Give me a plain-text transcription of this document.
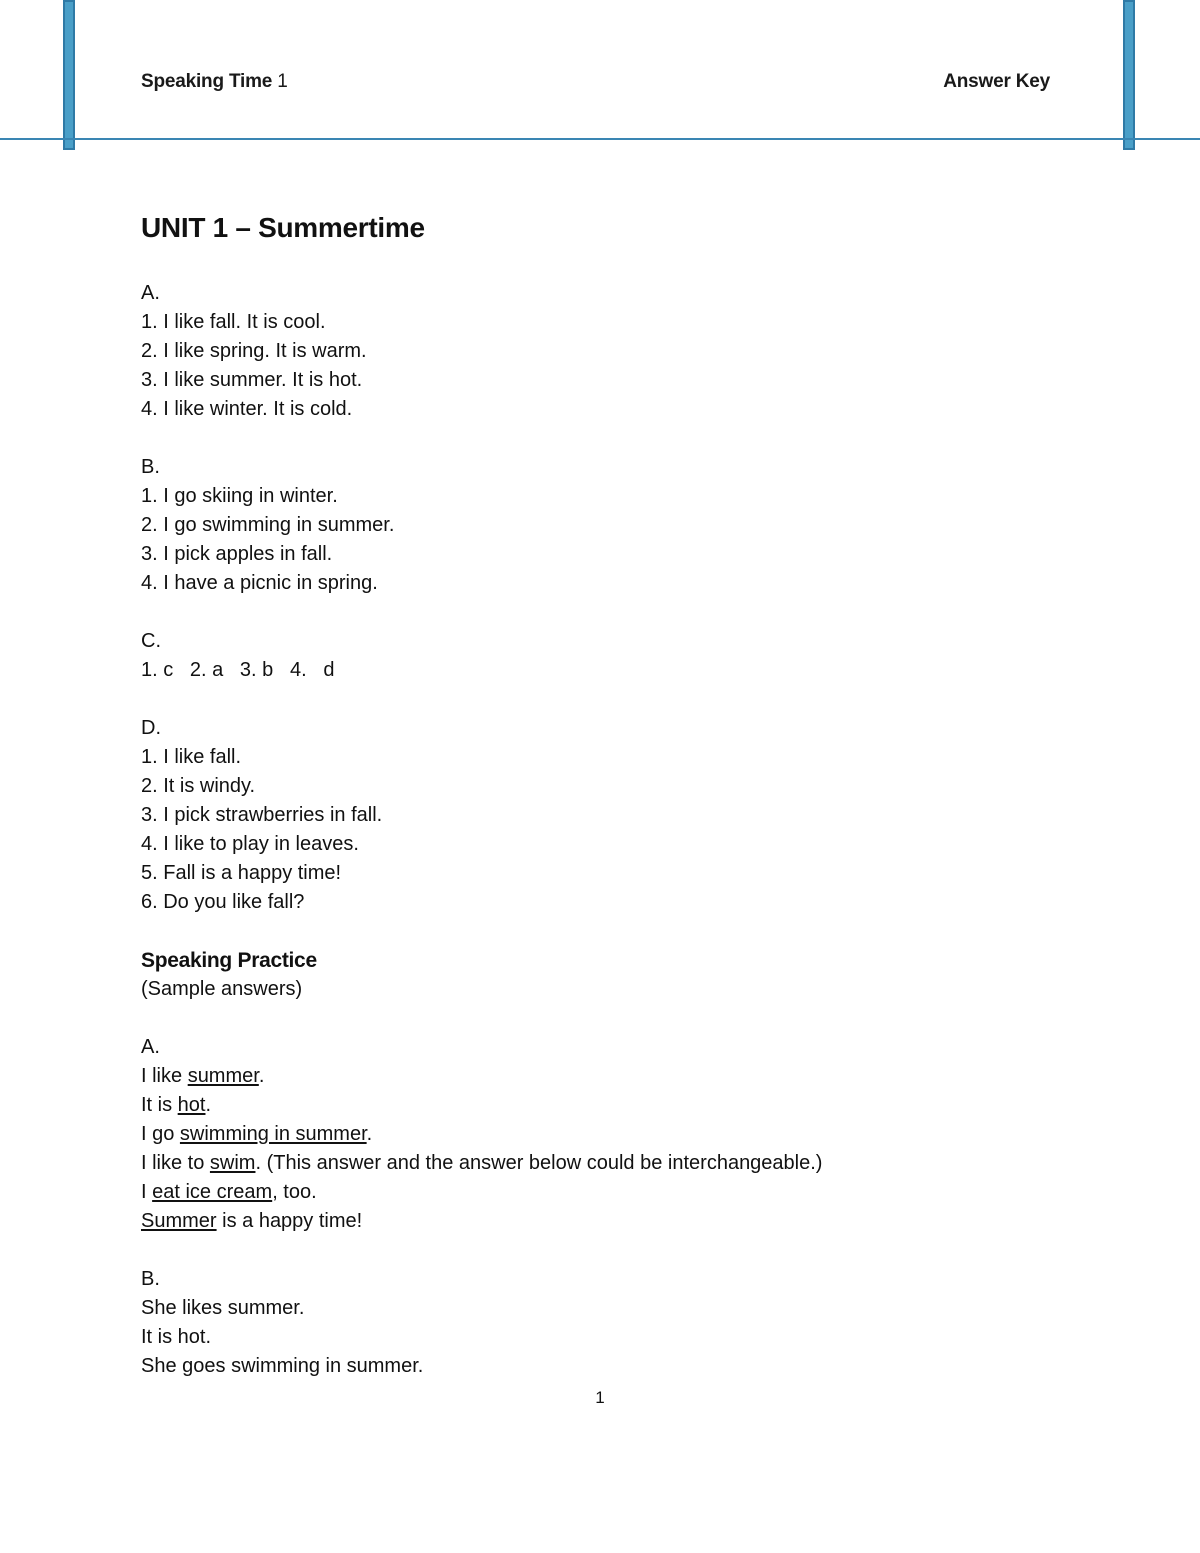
Speaking Time 1	Answer Key
UNIT 1 – Summertime
A.
1. I like fall. It is cool.
2. I like spring. It is warm.
3. I like summer. It is hot.
4. I like winter. It is cold.
B.
1. I go skiing in winter.
2. I go swimming in summer.
3. I pick apples in fall.
4. I have a picnic in spring.
C.
1. c   2. a   3. b   4.   d
D.
1. I like fall.
2. It is windy.
3. I pick strawberries in fall.
4. I like to play in leaves.
5. Fall is a happy time!
6. Do you like fall?
Speaking Practice
(Sample answers)
A.
I like summer.
It is hot.
I go swimming in summer.
I like to swim. (This answer and the answer below could be interchangeable.)
I eat ice cream, too.
Summer is a happy time!
B.
She likes summer.
It is hot.
She goes swimming in summer.
1
